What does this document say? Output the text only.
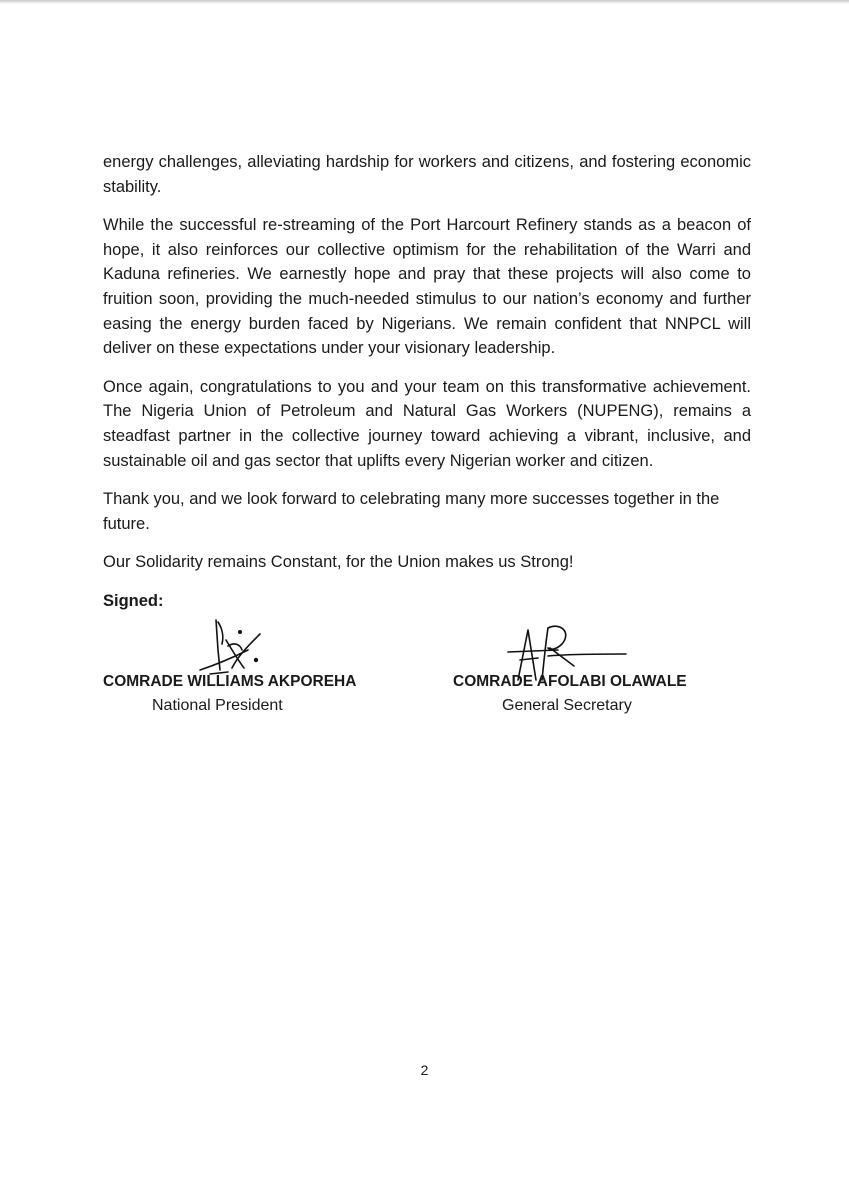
energy challenges, alleviating hardship for workers and citizens, and fostering economic stability.

While the successful re-streaming of the Port Harcourt Refinery stands as a beacon of hope, it also reinforces our collective optimism for the rehabilitation of the Warri and Kaduna refineries. We earnestly hope and pray that these projects will also come to fruition soon, providing the much-needed stimulus to our nation’s economy and further easing the energy burden faced by Nigerians. We remain confident that NNPCL will deliver on these expectations under your visionary leadership.

Once again, congratulations to you and your team on this transformative achievement. The Nigeria Union of Petroleum and Natural Gas Workers (NUPENG), remains a steadfast partner in the collective journey toward achieving a vibrant, inclusive, and sustainable oil and gas sector that uplifts every Nigerian worker and citizen.

Thank you, and we look forward to celebrating many more successes together in the future.

Our Solidarity remains Constant, for the Union makes us Strong!

Signed:

COMRADE WILLIAMS AKPOREHA
National President
COMRADE AFOLABI OLAWALE
General Secretary
2
